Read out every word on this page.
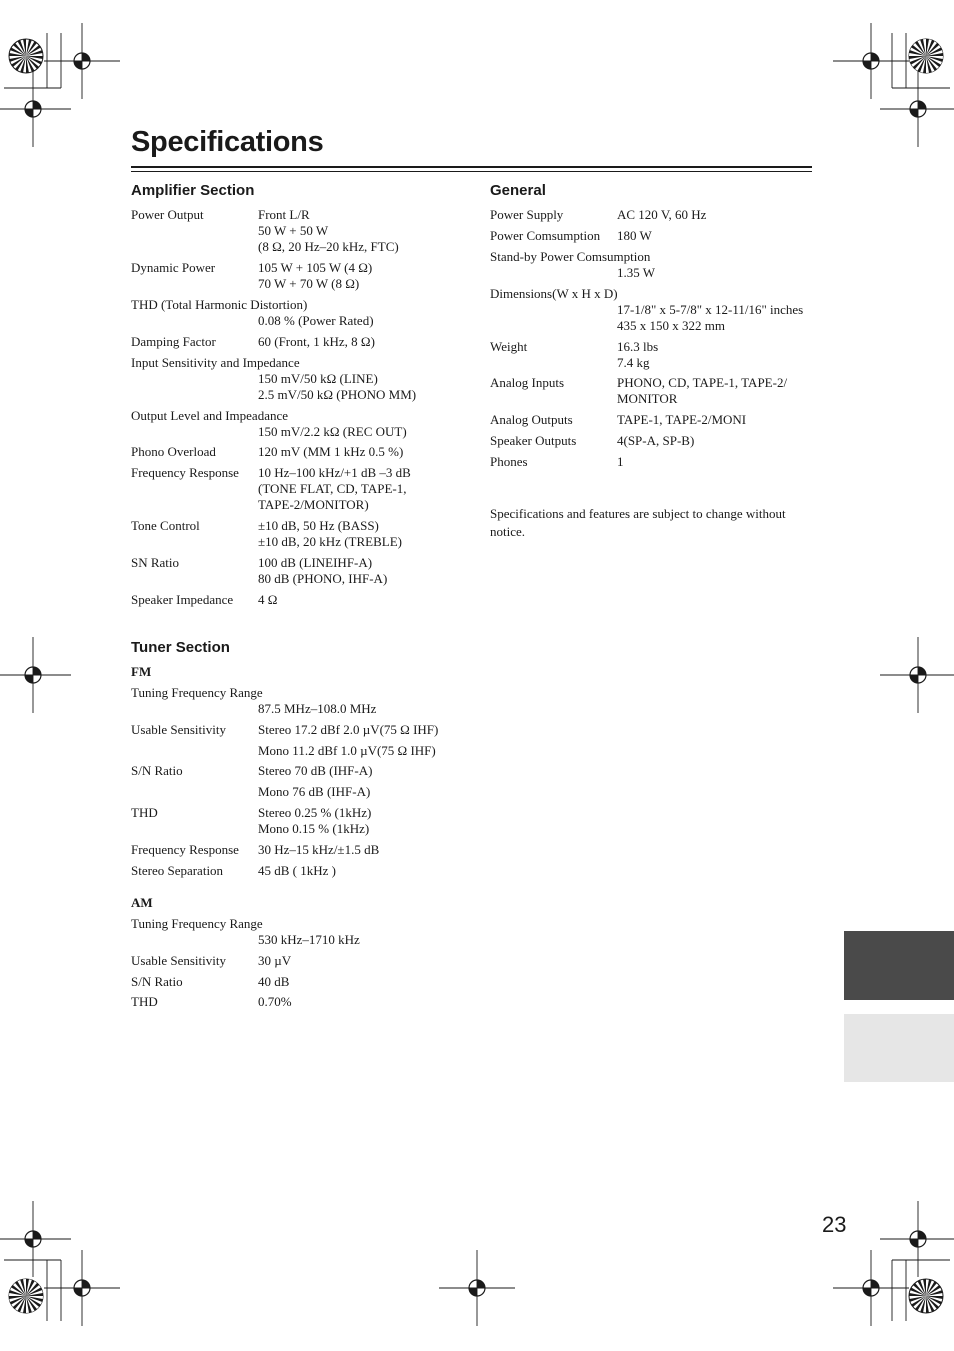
Specifications
Amplifier Section
Power Output	Front L/R
50 W + 50 W
(8 Ω, 20 Hz–20 kHz, FTC)
Dynamic Power	105 W + 105 W (4 Ω)
70 W + 70 W (8 Ω)
THD (Total Harmonic Distortion)
0.08 % (Power Rated)
Damping Factor	60 (Front, 1 kHz, 8 Ω)
Input Sensitivity and Impedance
150 mV/50 kΩ (LINE)
2.5 mV/50 kΩ (PHONO MM)
Output Level and Impeadance
150 mV/2.2 kΩ (REC OUT)
Phono Overload	120 mV (MM 1 kHz 0.5 %)
Frequency Response 10 Hz–100 kHz/+1 dB –3 dB
(TONE FLAT, CD, TAPE-1,
TAPE-2/MONITOR)
Tone Control	±10 dB, 50 Hz (BASS)
±10 dB, 20 kHz (TREBLE)
SN Ratio	100 dB (LINEIHF-A)
80 dB (PHONO, IHF-A)
Speaker Impedance 4 Ω
Tuner Section
FM
Tuning Frequency Range
87.5 MHz–108.0 MHz
Usable Sensitivity Stereo 17.2 dBf 2.0 µV(75 Ω IHF)
Mono 11.2 dBf 1.0 µV(75 Ω IHF)
S/N Ratio	Stereo 70 dB (IHF-A)
Mono 76 dB (IHF-A)
THD	Stereo 0.25 % (1kHz)
Mono 0.15 % (1kHz)
Frequency Response 30 Hz–15 kHz/±1.5 dB
Stereo Separation	45 dB ( 1kHz )
AM
Tuning Frequency Range
530 kHz–1710 kHz
Usable Sensitivity 30 µV
S/N Ratio	40 dB
THD	0.70%
General
Power Supply	AC 120 V, 60 Hz
Power Comsumption 180 W
Stand-by Power Comsumption
1.35 W
Dimensions(W x H x D)
17-1/8" x 5-7/8" x 12-11/16" inches
435 x 150 x 322 mm
Weight	16.3 lbs
7.4 kg
Analog Inputs	PHONO, CD, TAPE-1, TAPE-2/
MONITOR
Analog Outputs	TAPE-1, TAPE-2/MONI
Speaker Outputs	4(SP-A, SP-B)
Phones	1
Specifications and features are subject to change without notice.
23
